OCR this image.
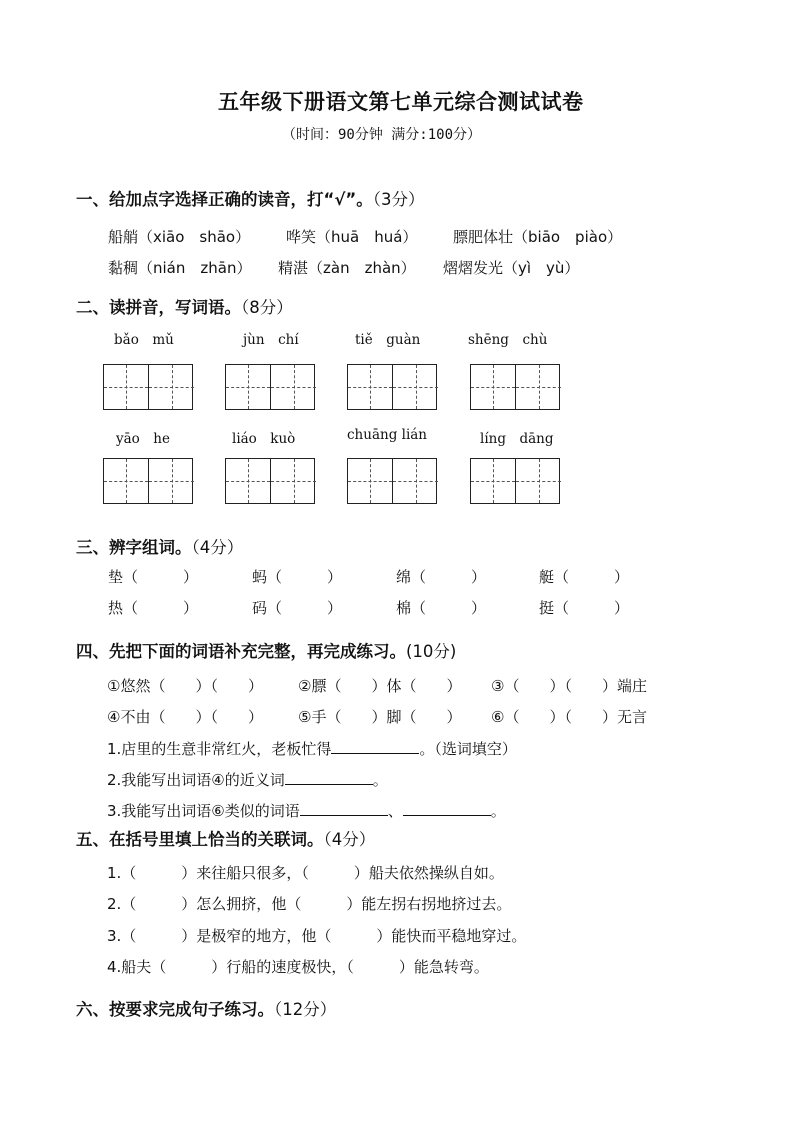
五年级下册语文第七单元综合测试试卷
（时间：90分钟 满分:100分）
一、给加点字选择正确的读音，打“√”。（3分）
船艄（xiāo　shāo） 哗笑（huā　huá） 膘肥体壮（biāo　piào）
黏稠（nián　zhān） 精湛（zàn　zhàn） 熠熠发光（yì　yù）
二、读拼音，写词语。（8分）
bǎo　mǔ	jùn　chí	tiě　guàn	shēng　chù
yāo　he	liáo　kuò	chuāng lián	líng　dāng
三、辨字组词。（4分）
垫（　　　）	蚂（　　　）	绵（　　　）	艇（　　　）
热（　　　）	码（　　　）	棉（　　　）	挺（　　　）
四、先把下面的词语补充完整，再完成练习。(10分)
①悠然（　　）（　　） ②膘（　　）体（　　） ③（　　）（　　）端庄
④不由（　　）（　　） ⑤手（　　）脚（　　） ⑥（　　）（　　）无言
1.店里的生意非常红火，老板忙得	。（选词填空）
2.我能写出词语④的近义词	。
3.我能写出词语⑥类似的词语	、	。
五、在括号里填上恰当的关联词。（4分）
1.（　　　）来往船只很多，（　　　）船夫依然操纵自如。
2.（　　　）怎么拥挤，他（　　　）能左拐右拐地挤过去。
3.（　　　）是极窄的地方，他（　　　）能快而平稳地穿过。
4.船夫（　　　）行船的速度极快，（　　　）能急转弯。
六、按要求完成句子练习。（12分）
